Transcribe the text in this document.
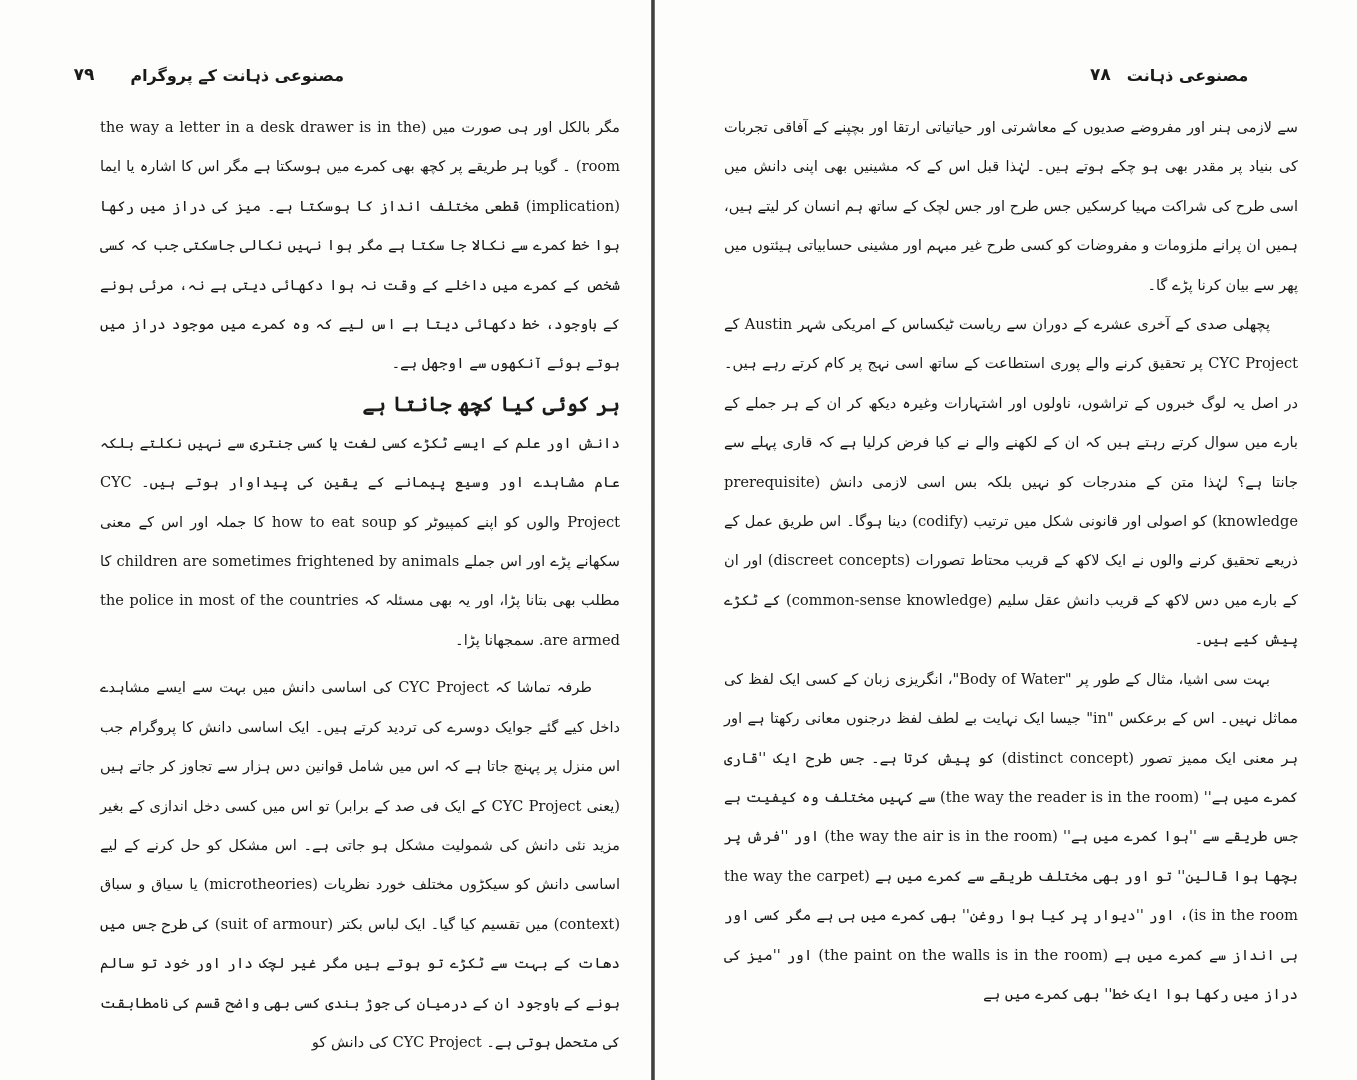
مصنوعی ذہانت کے پروگرام
۷۹

مگر بالکل اور ہی صورت میں (the way a letter in a desk drawer is in the room) ۔ گویا ہر طریقے پر کچھ بھی کمرے میں ہوسکتا ہے مگر اس کا اشارہ یا ایما (implication) قطعی مختلف انداز کا ہوسکتا ہے۔ میز کی دراز میں رکھا ہوا خط کمرے سے نکالا جا سکتا ہے مگر ہوا نہیں نکالی جاسکتی جب کہ کسی شخص کے کمرے میں داخلے کے وقت نہ ہوا دکھائی دیتی ہے نہ، مرئی ہونے کے باوجود، خط دکھائی دیتا ہے اس لیے کہ وہ کمرے میں موجود دراز میں ہوتے ہوئے آنکھوں سے اوجھل ہے۔

ہر کوئی کیا کچھ جانتا ہے

دانش اور علم کے ایسے ٹکڑے کسی لغت یا کسی جنتری سے نہیں نکلتے بلکہ عام مشاہدے اور وسیع پیمانے کے یقین کی پیداوار ہوتے ہیں۔ CYC Project والوں کو اپنے کمپیوٹر کو how to eat soup کا جملہ اور اس کے معنی سکھانے پڑے اور اس جملے children are sometimes frightened by animals کا مطلب بھی بتانا پڑا، اور یہ بھی مسئلہ کہ the police in most of the countries are armed. سمجھانا پڑا۔

طرفہ تماشا کہ CYC Project کی اساسی دانش میں بہت سے ایسے مشاہدے داخل کیے گئے جوایک دوسرے کی تردید کرتے ہیں۔ ایک اساسی دانش کا پروگرام جب اس منزل پر پہنچ جاتا ہے کہ اس میں شامل قوانین دس ہزار سے تجاوز کر جاتے ہیں (یعنی CYC Project کے ایک فی صد کے برابر) تو اس میں کسی دخل اندازی کے بغیر مزید نئی دانش کی شمولیت مشکل ہو جاتی ہے۔ اس مشکل کو حل کرنے کے لیے اساسی دانش کو سیکڑوں مختلف خورد نظریات (microtheories) یا سیاق و سباق (context) میں تقسیم کیا گیا۔ ایک لباس بکتر (suit of armour) کی طرح جس میں دھات کے بہت سے ٹکڑے تو ہوتے ہیں مگر غیر لچک دار اور خود تو سالم ہونے کے باوجود ان کے درمیان کی جوڑ بندی کسی بھی واضح قسم کی نامطابقت کی متحمل ہوتی ہے۔ CYC Project کی دانش کو

مصنوعی ذہانت
۷۸

سے لازمی ہنر اور مفروضے صدیوں کے معاشرتی اور حیاتیاتی ارتقا اور بچپنے کے آفاقی تجربات کی بنیاد پر مقدر بھی ہو چکے ہوتے ہیں۔ لہٰذا قبل اس کے کہ مشینیں بھی اپنی دانش میں اسی طرح کی شراکت مہیا کرسکیں جس طرح اور جس لچک کے ساتھ ہم انسان کر لیتے ہیں، ہمیں ان پرانے ملزومات و مفروضات کو کسی طرح غیر مبہم اور مشینی حسابیاتی ہیئتوں میں پھر سے بیان کرنا پڑے گا۔

پچھلی صدی کے آخری عشرے کے دوران سے ریاست ٹیکساس کے امریکی شہر Austin کے CYC Project پر تحقیق کرنے والے پوری استطاعت کے ساتھ اسی نہج پر کام کرتے رہے ہیں۔ در اصل یہ لوگ خبروں کے تراشوں، ناولوں اور اشتہارات وغیرہ دیکھ کر ان کے ہر جملے کے بارے میں سوال کرتے رہتے ہیں کہ ان کے لکھنے والے نے کیا فرض کرلیا ہے کہ قاری پہلے سے جانتا ہے؟ لہٰذا متن کے مندرجات کو نہیں بلکہ بس اسی لازمی دانش (prerequisite knowledge) کو اصولی اور قانونی شکل میں ترتیب (codify) دینا ہوگا۔ اس طریق عمل کے ذریعے تحقیق کرنے والوں نے ایک لاکھ کے قریب محتاط تصورات (discreet concepts) اور ان کے بارے میں دس لاکھ کے قریب دانش عقل سلیم (common-sense knowledge) کے ٹکڑے پیش کیے ہیں۔

بہت سی اشیا، مثال کے طور پر "Body of Water"، انگریزی زبان کے کسی ایک لفظ کی مماثل نہیں۔ اس کے برعکس "in" جیسا ایک نہایت بے لطف لفظ درجنوں معانی رکھتا ہے اور ہر معنی ایک ممیز تصور (distinct concept) کو پیش کرتا ہے۔ جس طرح ایک ''قاری کمرے میں ہے'' (the way the reader is in the room) سے کہیں مختلف وہ کیفیت ہے جس طریقے سے ''ہوا کمرے میں ہے'' (the way the air is in the room) اور ''فرش پر بچھا ہوا قالین'' تو اور بھی مختلف طریقے سے کمرے میں ہے (the way the carpet is in the room)، اور ''دیوار پر کیا ہوا روغن'' بھی کمرے میں ہی ہے مگر کسی اور ہی انداز سے کمرے میں ہے (the paint on the walls is in the room) اور ''میز کی دراز میں رکھا ہوا ایک خط'' بھی کمرے میں ہے
